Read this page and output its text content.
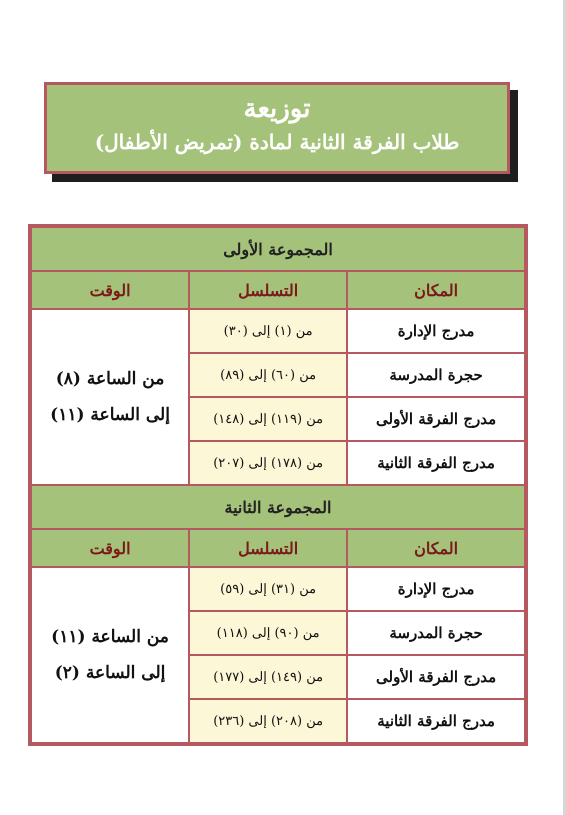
توزيعة
طلاب الفرقة الثانية لمادة (تمريض الأطفال)
المجموعة الأولى		
المكان	التسلسل	الوقت
مدرج الإدارة	من (١) إلى (٣٠)	من الساعة (٨)
إلى الساعة (١١)

حجرة المدرسة	من (٦٠) إلى (٨٩)	
مدرج الفرقة الأولى	من (١١٩) إلى (١٤٨)	
مدرج الفرقة الثانية	من (١٧٨) إلى (٢٠٧)	
المجموعة الثانية		
المكان	التسلسل	الوقت
مدرج الإدارة	من (٣١) إلى (٥٩)	من الساعة (١١)
إلى الساعة (٢)

حجرة المدرسة	من (٩٠) إلى (١١٨)	
مدرج الفرقة الأولى	من (١٤٩) إلى (١٧٧)	
مدرج الفرقة الثانية	من (٢٠٨) إلى (٢٣٦)	
